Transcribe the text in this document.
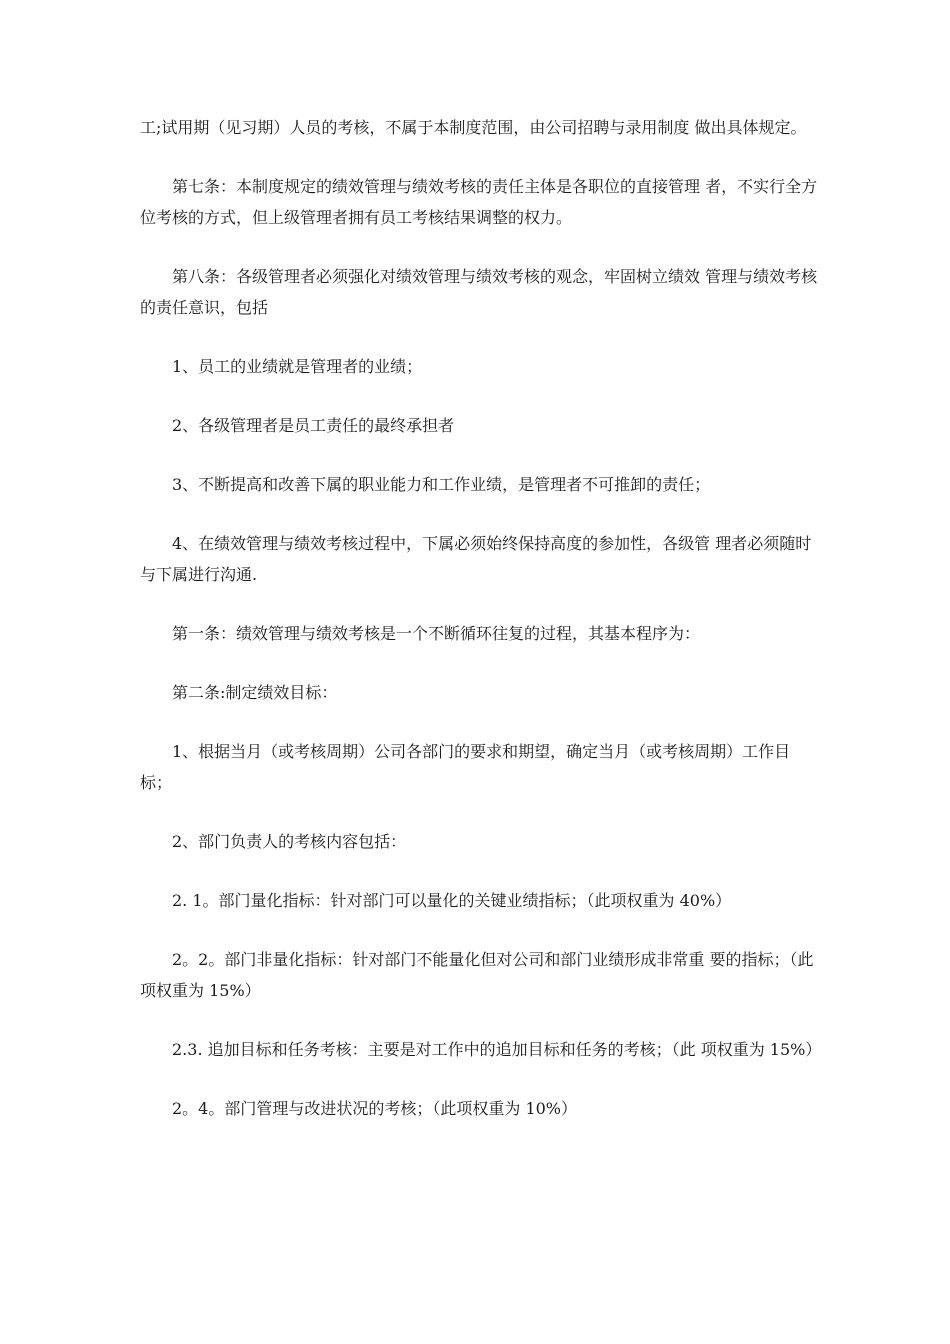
工;试用期（见习期）人员的考核，不属于本制度范围，由公司招聘与录用制度 做出具体规定。

第七条：本制度规定的绩效管理与绩效考核的责任主体是各职位的直接管理 者，不实行全方位考核的方式，但上级管理者拥有员工考核结果调整的权力。

第八条：各级管理者必须强化对绩效管理与绩效考核的观念，牢固树立绩效 管理与绩效考核的责任意识，包括

1、员工的业绩就是管理者的业绩；

2、各级管理者是员工责任的最终承担者

3、不断提高和改善下属的职业能力和工作业绩，是管理者不可推卸的责任；

4、在绩效管理与绩效考核过程中，下属必须始终保持高度的参加性，各级管 理者必须随时与下属进行沟通.

第一条：绩效管理与绩效考核是一个不断循环往复的过程，其基本程序为：

第二条:制定绩效目标：

1、根据当月（或考核周期）公司各部门的要求和期望，确定当月（或考核周期）工作目标；

2、部门负责人的考核内容包括：

2. 1。部门量化指标：针对部门可以量化的关键业绩指标；（此项权重为 40%）

2。2。部门非量化指标：针对部门不能量化但对公司和部门业绩形成非常重 要的指标；（此项权重为 15%）

2.3. 追加目标和任务考核：主要是对工作中的追加目标和任务的考核；（此 项权重为 15%）

2。4。部门管理与改进状况的考核；（此项权重为 10%）
